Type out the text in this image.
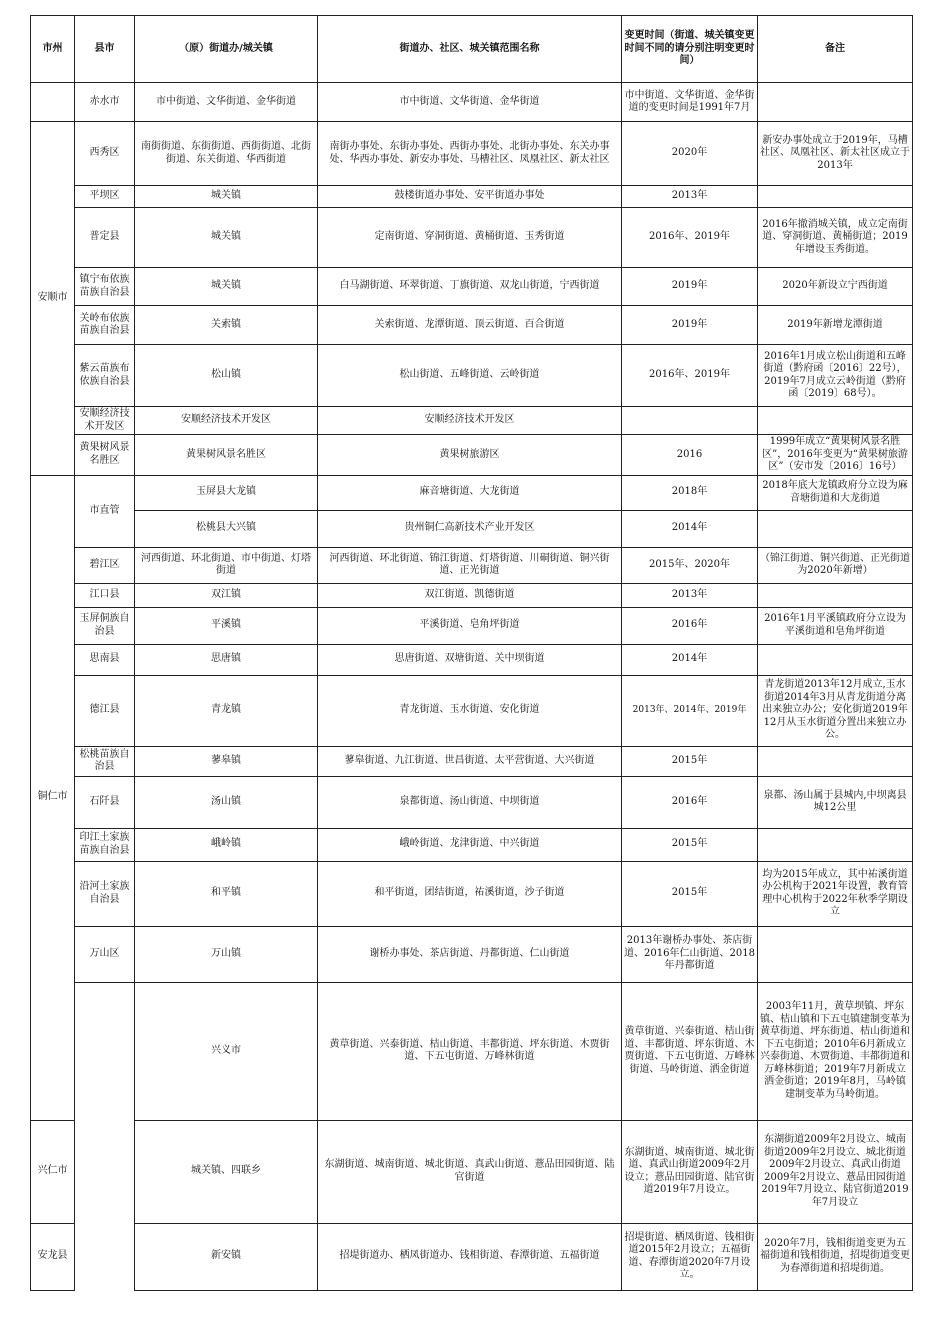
市州	县市	（原）街道办/城关镇	街道办、社区、城关镇范围名称	变更时间（街道、城关镇变更时间不同的请分别注明变更时间）	备注	
	赤水市	市中街道、文华街道、金华街道	市中街道、文华街道、金华街道	市中街道、文华街道、金华街道的变更时间是1991年7月		
安顺市	西秀区	南街街道、东街街道、西街街道、北街街道、东关街道、华西街道	南街办事处、东街办事处、西街办事处、北街办事处、东关办事处、华西办事处、新安办事处、马槽社区、凤凰社区、新太社区	2020年	新安办事处成立于2019年，马槽社区、凤凰社区、新太社区成立于2013年	
	平坝区	城关镇	鼓楼街道办事处、安平街道办事处	2013年		
	普定县	城关镇	定南街道、穿洞街道、黄桶街道、玉秀街道	2016年、2019年	2016年撤消城关镇，成立定南街道、穿洞街道、黄桶街道；2019年增设玉秀街道。	
	镇宁布依族苗族自治县	城关镇	白马湖街道、环翠街道、丁旗街道、双龙山街道，宁西街道	2019年	2020年新设立宁西街道	
	关岭布依族苗族自治县	关索镇	关索街道、龙潭街道、顶云街道、百合街道	2019年	2019年新增龙潭街道	
	紫云苗族布依族自治县	松山镇	松山街道、五峰街道、云岭街道	2016年、2019年	2016年1月成立松山街道和五峰街道（黔府函〔2016〕22号），2019年7月成立云岭街道（黔府函〔2019〕68号）。	
	安顺经济技术开发区	安顺经济技术开发区	安顺经济技术开发区			
	黄果树风景名胜区	黄果树风景名胜区	黄果树旅游区	2016	1999年成立“黄果树风景名胜区”，2016年变更为“黄果树旅游区”（安市发〔2016〕16号）	
铜仁市	市直管	玉屏县大龙镇	麻音塘街道、大龙街道	2018年	2018年底大龙镇政府分立设为麻音塘街道和大龙街道	
		松桃县大兴镇	贵州铜仁高新技术产业开发区	2014年		
	碧江区	河西街道、环北街道、市中街道、灯塔街道	河西街道、环北街道、锦江街道、灯塔街道、川硐街道、铜兴街道、正光街道	2015年、2020年	（锦江街道、铜兴街道、正光街道为2020年新增）	
	江口县	双江镇	双江街道、凯德街道	2013年		
	玉屏侗族自治县	平溪镇	平溪街道、皂角坪街道	2016年	2016年1月平溪镇政府分立设为平溪街道和皂角坪街道	
	思南县	思唐镇	思唐街道、双塘街道、关中坝街道	2014年		
	德江县	青龙镇	青龙街道、玉水街道、安化街道	2013年、2014年、2019年	青龙街道2013年12月成立,玉水街道2014年3月从青龙街道分离出来独立办公；安化街道2019年12月从玉水街道分置出来独立办公。	
	松桃苗族自治县	蓼皋镇	蓼皋街道、九江街道、世昌街道、太平营街道、大兴街道	2015年		
	石阡县	汤山镇	泉都街道、汤山街道、中坝街道	2016年	泉都、汤山属于县城内,中坝离县城12公里	
	印江土家族苗族自治县	峨岭镇	峨岭街道、龙津街道、中兴街道	2015年		
	沿河土家族自治县	和平镇	和平街道，团结街道，祐溪街道，沙子街道	2015年	均为2015年成立，其中祐溪街道办公机构于2021年设置，教育管理中心机构于2022年秋季学期设立	
	万山区	万山镇	谢桥办事处、茶店街道、丹都街道、仁山街道	2013年谢桥办事处、茶店街道、2016年仁山街道、2018年丹都街道		
		兴义市	黄草街道、兴泰街道、桔山街道、丰都街道、坪东街道、木贾街道、下五屯街道、万峰林街道	黄草街道、兴泰街道、桔山街道、丰都街道、坪东街道、木贾街道、下五屯街道、万峰林街道、马岭街道、洒金街道	2003年11月，黄草坝镇、坪东镇、桔山镇和下五屯镇建制变革为黄草街道、坪东街道、桔山街道和下五屯街道；2010年6月新成立兴泰街道、木贾街道、丰都街道和万峰林街道；2019年7月新成立洒金街道；2019年8月，马岭镇建制变革为马岭街道。	
兴仁市		城关镇、四联乡	东湖街道、城南街道、城北街道、真武山街道、薏品田园街道、陆官街道	东湖街道、城南街道、城北街道、真武山街道2009年2月设立；薏品田园街道、陆官街道2019年7月设立。	东湖街道2009年2月设立、城南街道2009年2月设立、城北街道2009年2月设立、真武山街道2009年2月设立、薏品田园街道2019年7月设立、陆官街道2019年7月设立	
安龙县		新安镇	招堤街道办、栖凤街道办、钱相街道、春潭街道、五福街道	招堤街道、栖凤街道、钱相街道2015年2月设立；五福街道、春潭街道2020年7月设立。	2020年7月，钱相街道变更为五福街道和钱相街道，招堤街道变更为春潭街道和招堤街道。	
